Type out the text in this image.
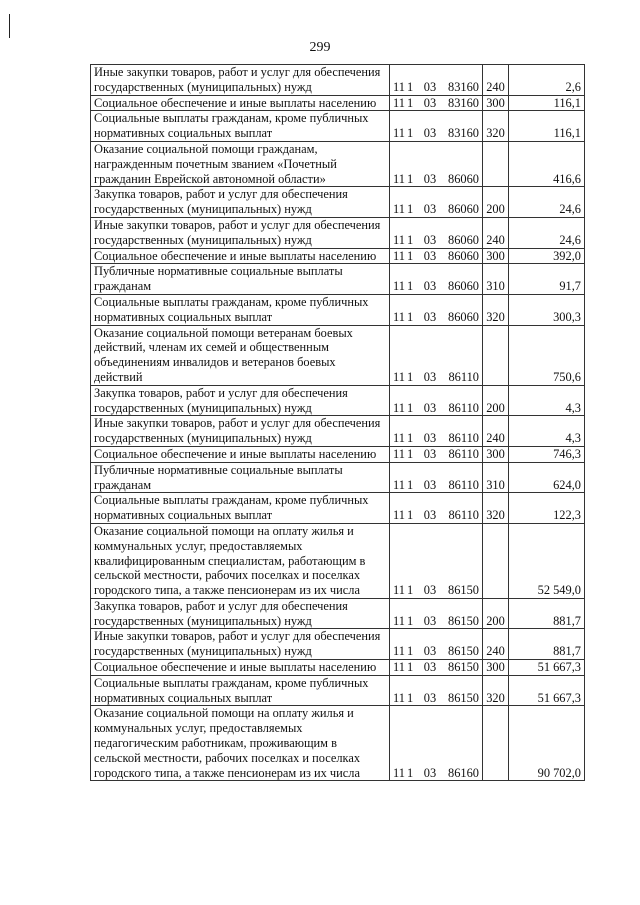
299
Иные закупки товаров, работ и услуг для обеспечения государственных (муниципальных) нужд	11 1 03 83160	240	2,6
Социальное обеспечение и иные выплаты населению	11 1 03 83160	300	116,1
Социальные выплаты гражданам, кроме публичных нормативных социальных выплат	11 1 03 83160	320	116,1
Оказание социальной помощи гражданам, награжденным почетным званием «Почетный гражданин Еврейской автономной области»	11 1 03 86060		416,6
Закупка товаров, работ и услуг для обеспечения государственных (муниципальных) нужд	11 1 03 86060	200	24,6
Иные закупки товаров, работ и услуг для обеспечения государственных (муниципальных) нужд	11 1 03 86060	240	24,6
Социальное обеспечение и иные выплаты населению	11 1 03 86060	300	392,0
Публичные нормативные социальные выплаты гражданам	11 1 03 86060	310	91,7
Социальные выплаты гражданам, кроме публичных нормативных социальных выплат	11 1 03 86060	320	300,3
Оказание социальной помощи ветеранам боевых действий, членам их семей и общественным объединениям инвалидов и ветеранов боевых действий	11 1 03 86110		750,6
Закупка товаров, работ и услуг для обеспечения государственных (муниципальных) нужд	11 1 03 86110	200	4,3
Иные закупки товаров, работ и услуг для обеспечения государственных (муниципальных) нужд	11 1 03 86110	240	4,3
Социальное обеспечение и иные выплаты населению	11 1 03 86110	300	746,3
Публичные нормативные социальные выплаты гражданам	11 1 03 86110	310	624,0
Социальные выплаты гражданам, кроме публичных нормативных социальных выплат	11 1 03 86110	320	122,3
Оказание социальной помощи на оплату жилья и коммунальных услуг, предоставляемых квалифицированным специалистам, работающим в сельской местности, рабочих поселках и поселках городского типа, а также пенсионерам из их числа	11 1 03 86150		52 549,0
Закупка товаров, работ и услуг для обеспечения государственных (муниципальных) нужд	11 1 03 86150	200	881,7
Иные закупки товаров, работ и услуг для обеспечения государственных (муниципальных) нужд	11 1 03 86150	240	881,7
Социальное обеспечение и иные выплаты населению	11 1 03 86150	300	51 667,3
Социальные выплаты гражданам, кроме публичных нормативных социальных выплат	11 1 03 86150	320	51 667,3
Оказание социальной помощи на оплату жилья и коммунальных услуг, предоставляемых педагогическим работникам, проживающим в сельской местности, рабочих поселках и поселках городского типа, а также пенсионерам из их числа	11 1 03 86160		90 702,0
